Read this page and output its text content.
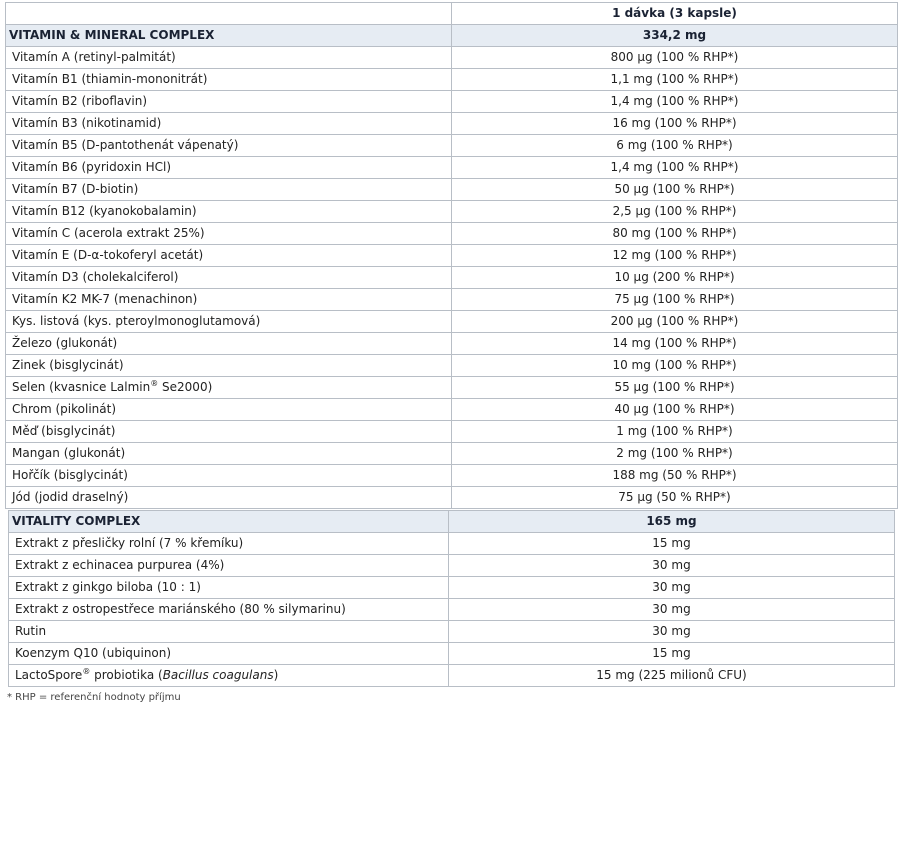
	1 dávka (3 kapsle)
VITAMIN & MINERAL COMPLEX	334,2 mg
Vitamín A (retinyl-palmitát)	800 µg (100 % RHP*)
Vitamín B1 (thiamin-mononitrát)	1,1 mg (100 % RHP*)
Vitamín B2 (riboflavin)	1,4 mg (100 % RHP*)
Vitamín B3 (nikotinamid)	16 mg (100 % RHP*)
Vitamín B5 (D-pantothenát vápenatý)	6 mg (100 % RHP*)
Vitamín B6 (pyridoxin HCl)	1,4 mg (100 % RHP*)
Vitamín B7 (D-biotin)	50 µg (100 % RHP*)
Vitamín B12 (kyanokobalamin)	2,5 µg (100 % RHP*)
Vitamín C (acerola extrakt 25%)	80 mg (100 % RHP*)
Vitamín E (D-α-tokoferyl acetát)	12 mg (100 % RHP*)
Vitamín D3 (cholekalciferol)	10 µg (200 % RHP*)
Vitamín K2 MK-7 (menachinon)	75 µg (100 % RHP*)
Kys. listová (kys. pteroylmonoglutamová)	200 µg (100 % RHP*)
Železo (glukonát)	14 mg (100 % RHP*)
Zinek (bisglycinát)	10 mg (100 % RHP*)
Selen (kvasnice Lalmin® Se2000)	55 µg (100 % RHP*)
Chrom (pikolinát)	40 µg (100 % RHP*)
Měď (bisglycinát)	1 mg (100 % RHP*)
Mangan (glukonát)	2 mg (100 % RHP*)
Hořčík (bisglycinát)	188 mg (50 % RHP*)
Jód (jodid draselný)	75 µg (50 % RHP*)
VITALITY COMPLEX	165 mg
Extrakt z přesličky rolní (7 % křemíku)	15 mg
Extrakt z echinacea purpurea (4%)	30 mg
Extrakt z ginkgo biloba (10 : 1)	30 mg
Extrakt z ostropestřece mariánského (80 % silymarinu)	30 mg
Rutin	30 mg
Koenzym Q10 (ubiquinon)	15 mg
LactoSpore® probiotika (Bacillus coagulans)	15 mg (225 milionů CFU)
* RHP = referenční hodnoty příjmu
